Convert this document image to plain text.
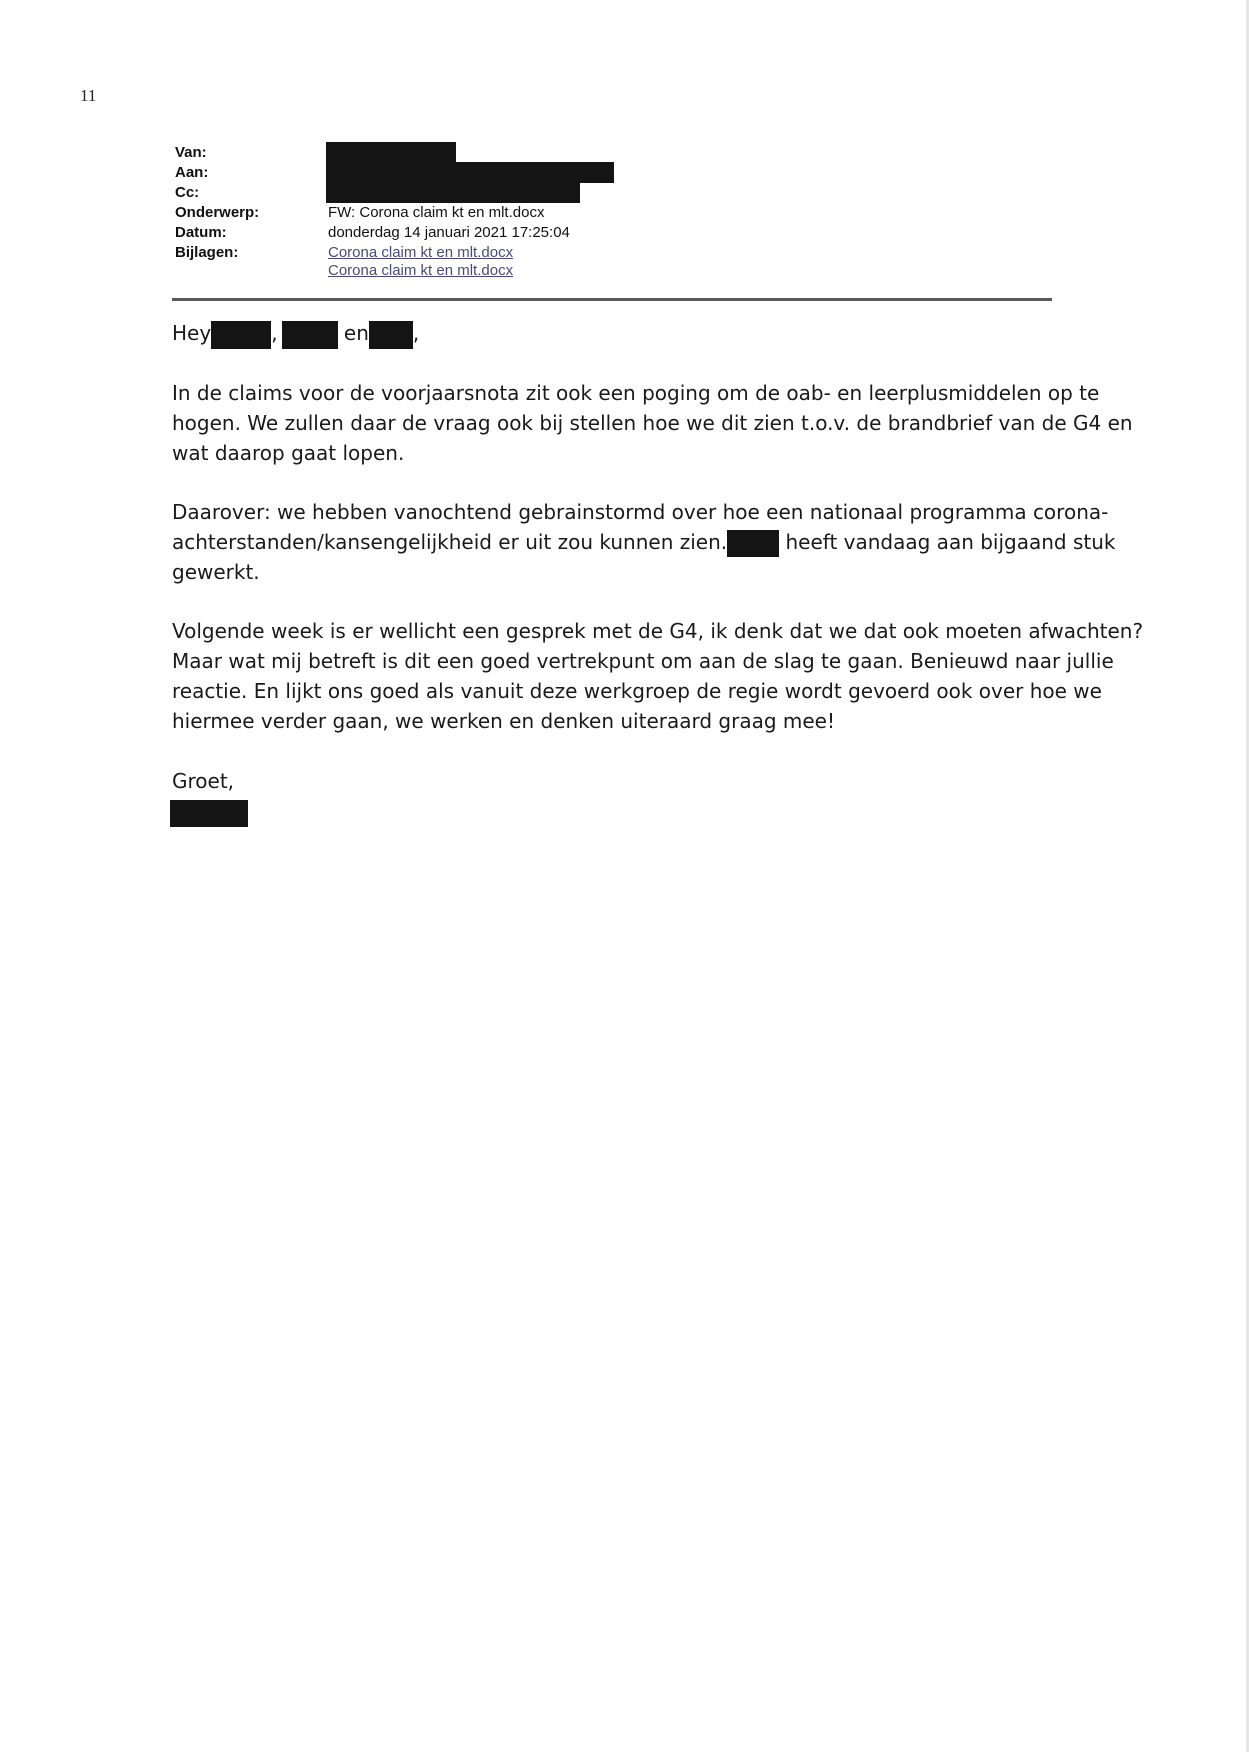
11
Van:
Aan:
Cc:
Onderwerp:	FW: Corona claim kt en mlt.docx
Datum:	donderdag 14 januari 2021 17:25:04
Bijlagen:	Corona claim kt en mlt.docx
Corona claim kt en mlt.docx
Hey	,	en ,
In de claims voor de voorjaarsnota zit ook een poging om de oab- en leerplusmiddelen op te
hogen. We zullen daar de vraag ook bij stellen hoe we dit zien t.o.v. de brandbrief van de G4 en
wat daarop gaat lopen.
Daarover: we hebben vanochtend gebrainstormd over hoe een nationaal programma corona-
achterstanden/kansengelijkheid er uit zou kunnen zien.	heeft vandaag aan bijgaand stuk
gewerkt.
Volgende week is er wellicht een gesprek met de G4, ik denk dat we dat ook moeten afwachten?
Maar wat mij betreft is dit een goed vertrekpunt om aan de slag te gaan. Benieuwd naar jullie
reactie. En lijkt ons goed als vanuit deze werkgroep de regie wordt gevoerd ook over hoe we
hiermee verder gaan, we werken en denken uiteraard graag mee!
Groet,
